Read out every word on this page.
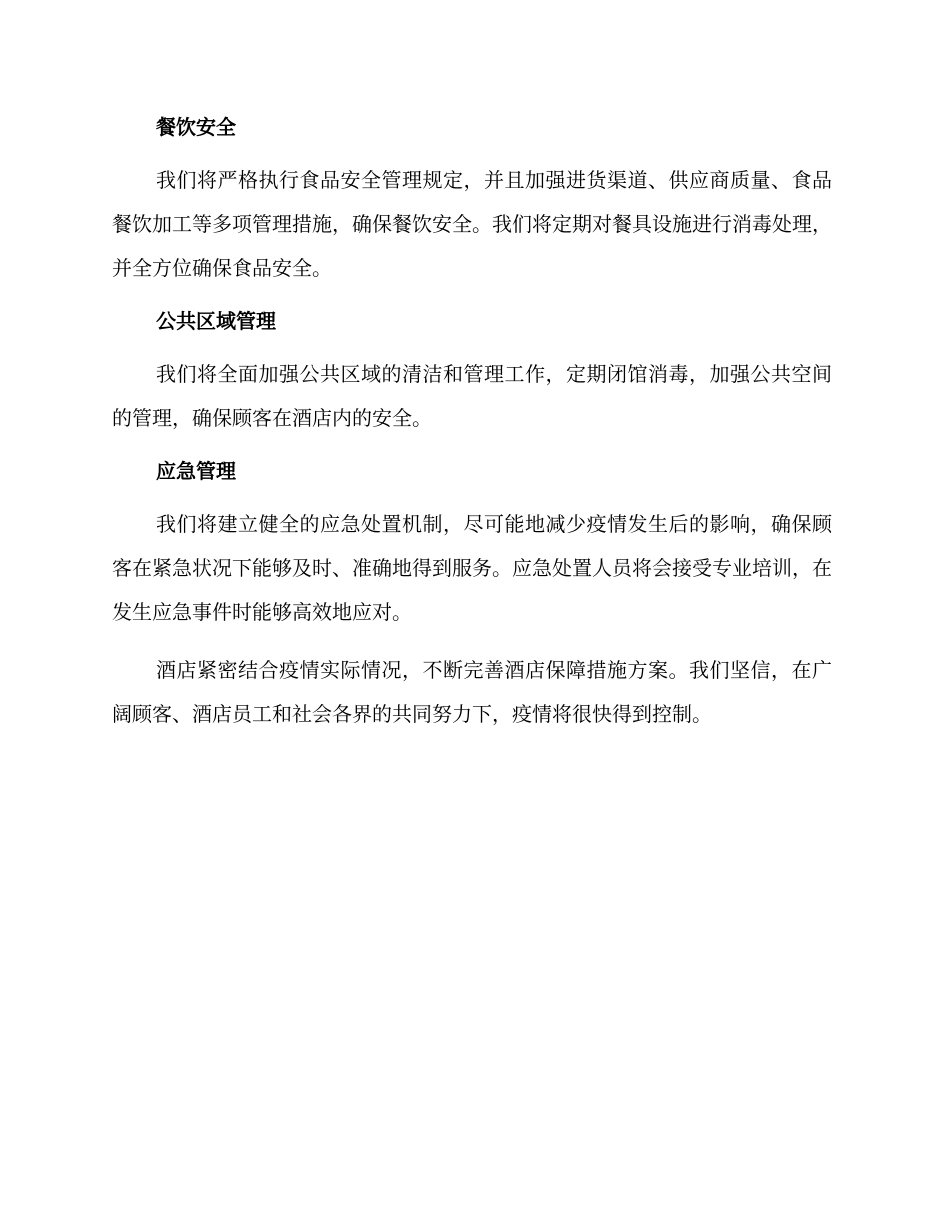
餐饮安全

我们将严格执行食品安全管理规定，并且加强进货渠道、供应商质量、食品餐饮加工等多项管理措施，确保餐饮安全。我们将定期对餐具设施进行消毒处理，并全方位确保食品安全。

公共区域管理

我们将全面加强公共区域的清洁和管理工作，定期闭馆消毒，加强公共空间的管理，确保顾客在酒店内的安全。

应急管理

我们将建立健全的应急处置机制，尽可能地减少疫情发生后的影响，确保顾客在紧急状况下能够及时、准确地得到服务。应急处置人员将会接受专业培训，在发生应急事件时能够高效地应对。

酒店紧密结合疫情实际情况，不断完善酒店保障措施方案。我们坚信，在广阔顾客、酒店员工和社会各界的共同努力下，疫情将很快得到控制。
